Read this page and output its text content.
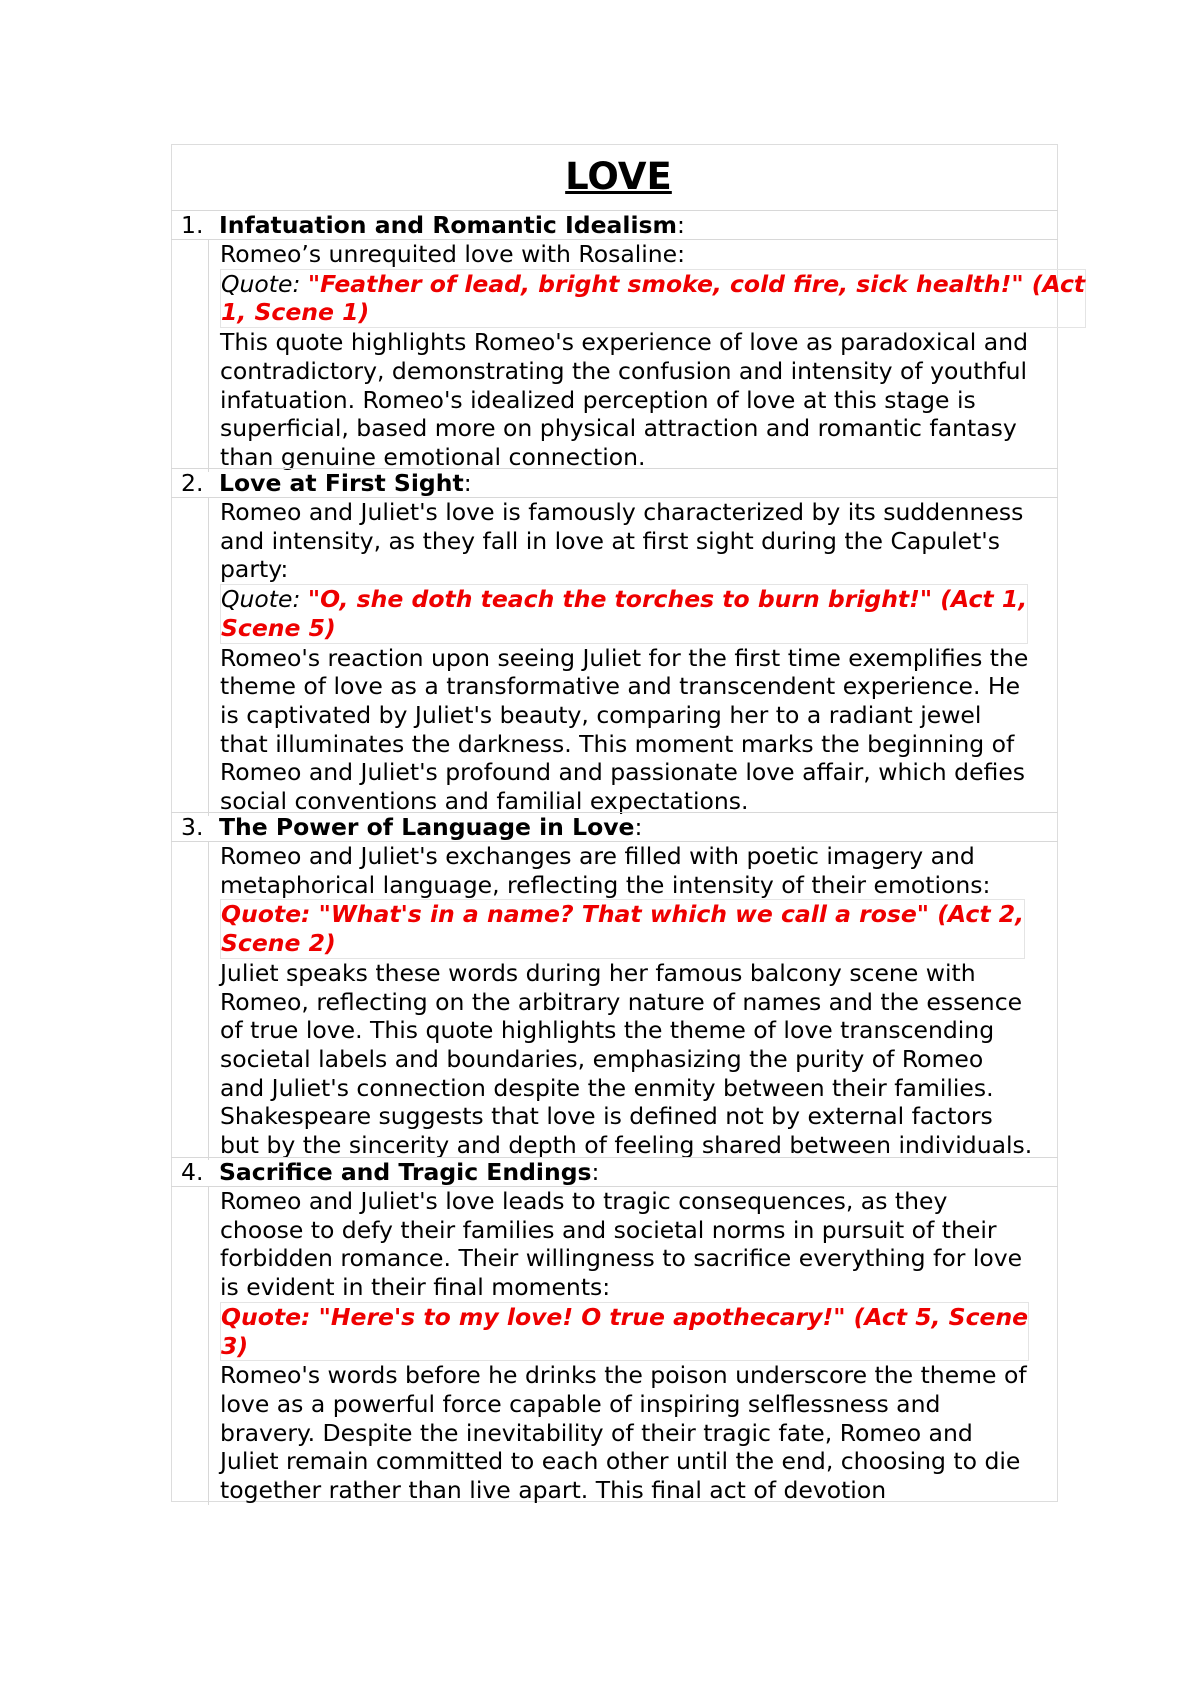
LOVE
1. Infatuation and Romantic Idealism:

Romeo’s unrequited love with Rosaline:

Quote: "Feather of lead, bright smoke, cold fire, sick health!" (Act

1, Scene 1)

This quote highlights Romeo's experience of love as paradoxical and

contradictory, demonstrating the confusion and intensity of youthful

infatuation. Romeo's idealized perception of love at this stage is

superficial, based more on physical attraction and romantic fantasy

than genuine emotional connection.

2. Love at First Sight:

Romeo and Juliet's love is famously characterized by its suddenness

and intensity, as they fall in love at first sight during the Capulet's

party:

Quote: "O, she doth teach the torches to burn bright!" (Act 1,

Scene 5)

Romeo's reaction upon seeing Juliet for the first time exemplifies the

theme of love as a transformative and transcendent experience. He

is captivated by Juliet's beauty, comparing her to a radiant jewel

that illuminates the darkness. This moment marks the beginning of

Romeo and Juliet's profound and passionate love affair, which defies

social conventions and familial expectations.

3. The Power of Language in Love:

Romeo and Juliet's exchanges are filled with poetic imagery and

metaphorical language, reflecting the intensity of their emotions:

Quote: "What's in a name? That which we call a rose" (Act 2,

Scene 2)

Juliet speaks these words during her famous balcony scene with

Romeo, reflecting on the arbitrary nature of names and the essence

of true love. This quote highlights the theme of love transcending

societal labels and boundaries, emphasizing the purity of Romeo

and Juliet's connection despite the enmity between their families.

Shakespeare suggests that love is defined not by external factors

but by the sincerity and depth of feeling shared between individuals.

4. Sacrifice and Tragic Endings:

Romeo and Juliet's love leads to tragic consequences, as they

choose to defy their families and societal norms in pursuit of their

forbidden romance. Their willingness to sacrifice everything for love

is evident in their final moments:

Quote: "Here's to my love! O true apothecary!" (Act 5, Scene

3)

Romeo's words before he drinks the poison underscore the theme of

love as a powerful force capable of inspiring selflessness and

bravery. Despite the inevitability of their tragic fate, Romeo and

Juliet remain committed to each other until the end, choosing to die

together rather than live apart. This final act of devotion
